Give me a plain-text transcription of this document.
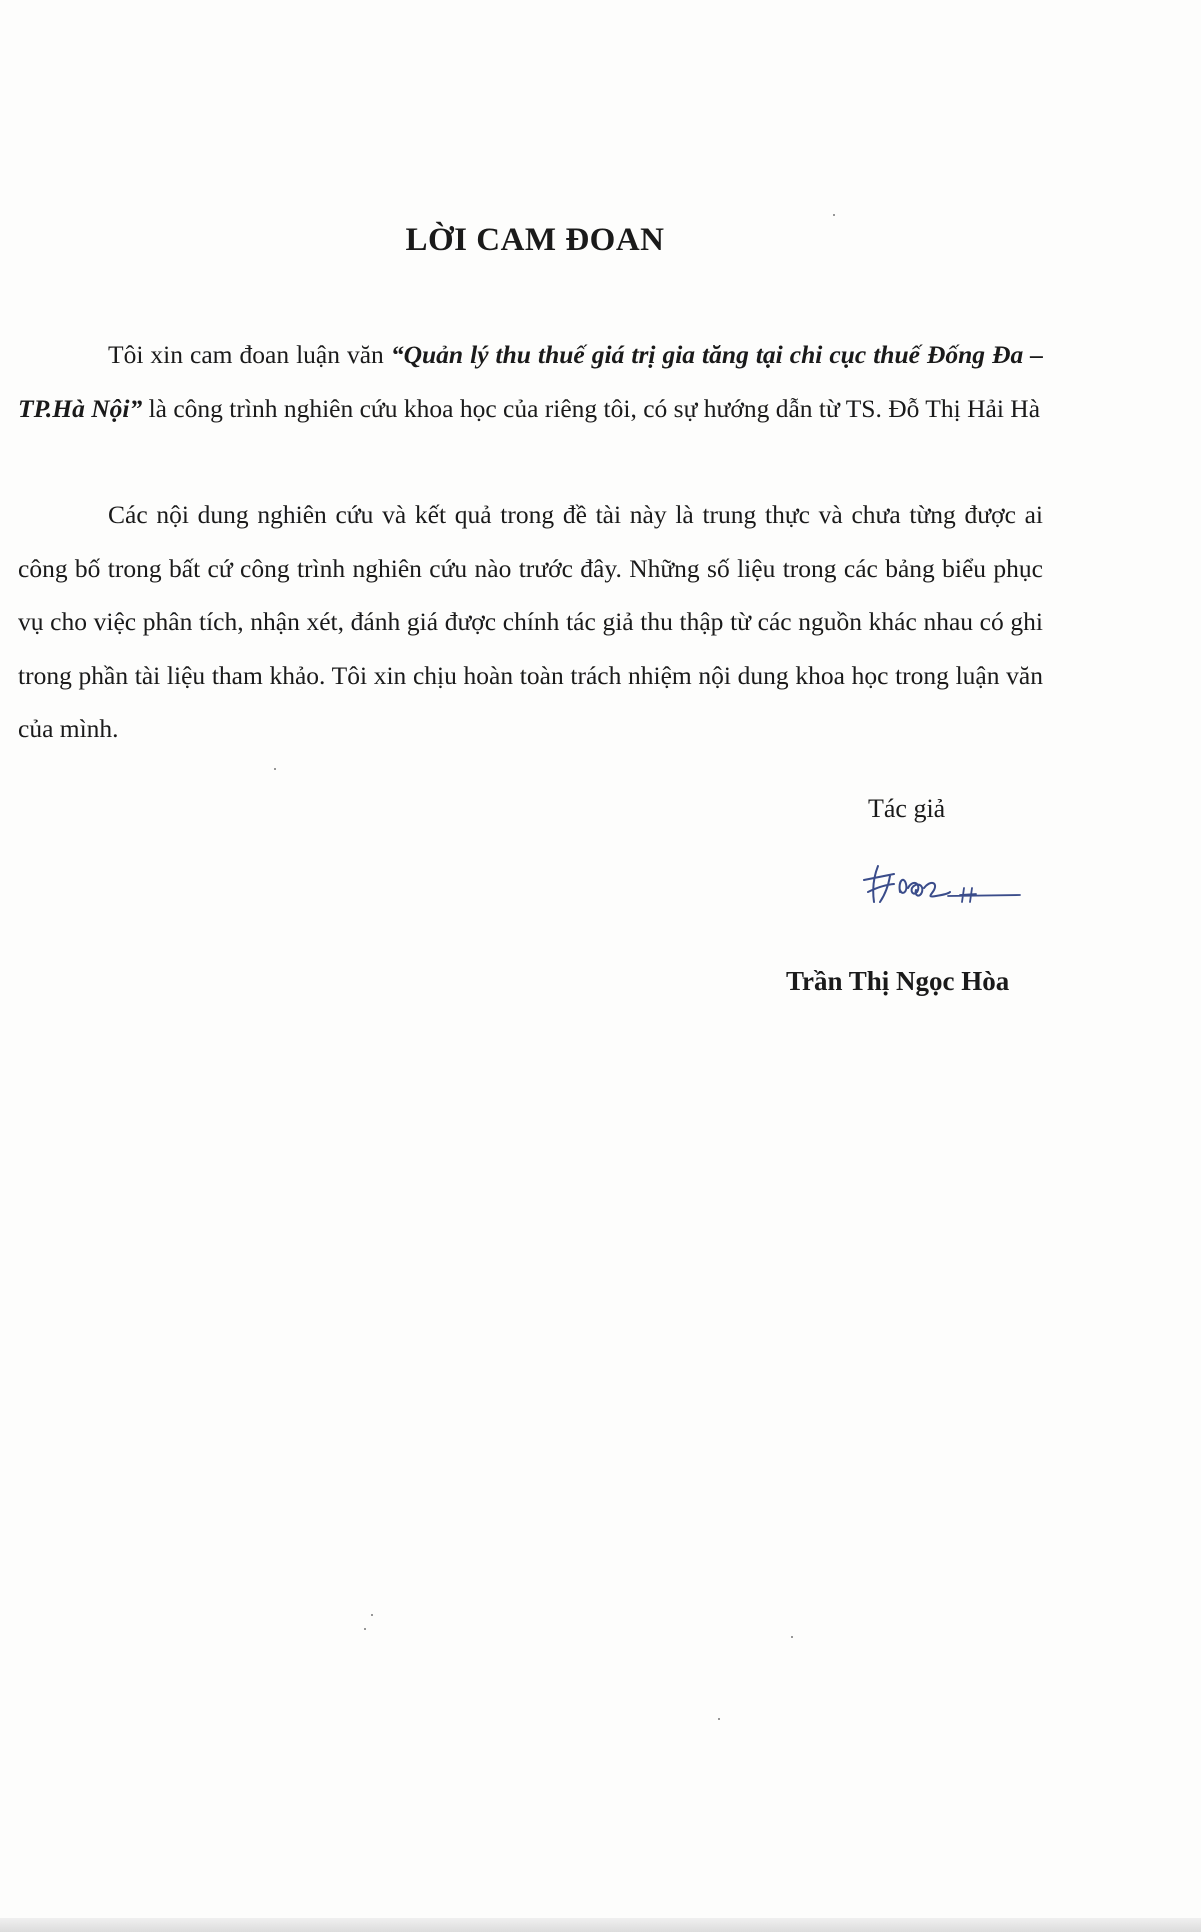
LỜI CAM ĐOAN

Tôi xin cam đoan luận văn “Quản lý thu thuế giá trị gia tăng tại chi cục thuế Đống Đa – TP.Hà Nội” là công trình nghiên cứu khoa học của riêng tôi, có sự hướng dẫn từ TS. Đỗ Thị Hải Hà

Các nội dung nghiên cứu và kết quả trong đề tài này là trung thực và chưa từng được ai công bố trong bất cứ công trình nghiên cứu nào trước đây. Những số liệu trong các bảng biểu phục vụ cho việc phân tích, nhận xét, đánh giá được chính tác giả thu thập từ các nguồn khác nhau có ghi trong phần tài liệu tham khảo. Tôi xin chịu hoàn toàn trách nhiệm nội dung khoa học trong luận văn của mình.

Tác giả
Trần Thị Ngọc Hòa
